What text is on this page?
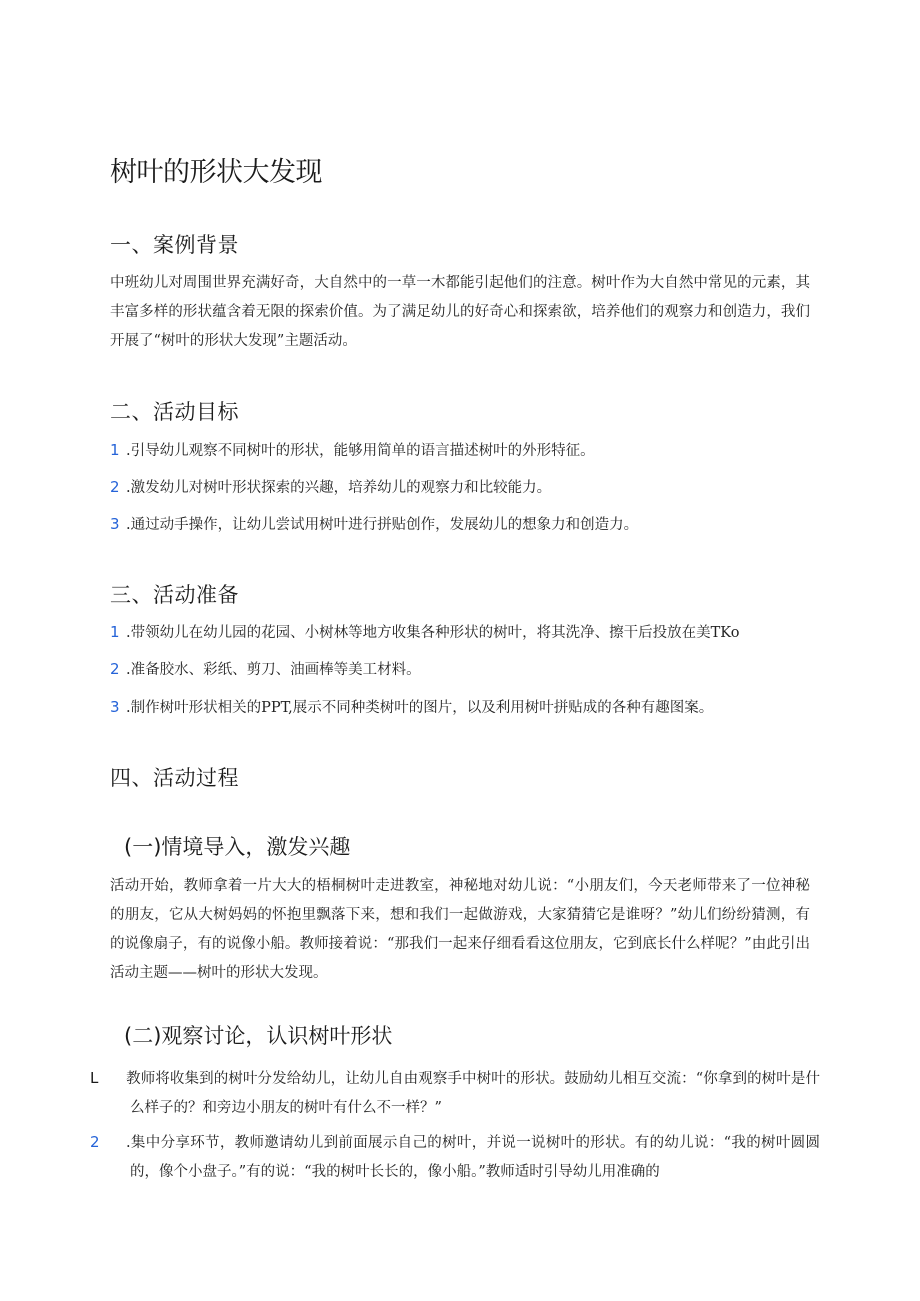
树叶的形状大发现
一、案例背景

中班幼儿对周围世界充满好奇，大自然中的一草一木都能引起他们的注意。树叶作为大自然中常见的元素，其丰富多样的形状蕴含着无限的探索价值。为了满足幼儿的好奇心和探索欲，培养他们的观察力和创造力，我们开展了“树叶的形状大发现”主题活动。

二、活动目标
1 .引导幼儿观察不同树叶的形状，能够用简单的语言描述树叶的外形特征。
2 .激发幼儿对树叶形状探索的兴趣，培养幼儿的观察力和比较能力。
3 .通过动手操作，让幼儿尝试用树叶进行拼贴创作，发展幼儿的想象力和创造力。
三、活动准备
1 .带领幼儿在幼儿园的花园、小树林等地方收集各种形状的树叶，将其洗净、擦干后投放在美TKo
2 .准备胶水、彩纸、剪刀、油画棒等美工材料。
3 .制作树叶形状相关的PPT,展示不同种类树叶的图片，以及利用树叶拼贴成的各种有趣图案。
四、活动过程
(一)情境导入，激发兴趣

活动开始，教师拿着一片大大的梧桐树叶走进教室，神秘地对幼儿说：“小朋友们，今天老师带来了一位神秘的朋友，它从大树妈妈的怀抱里飘落下来，想和我们一起做游戏，大家猜猜它是谁呀？”幼儿们纷纷猜测，有的说像扇子，有的说像小船。教师接着说：“那我们一起来仔细看看这位朋友，它到底长什么样呢？”由此引出活动主题——树叶的形状大发现。

(二)观察讨论，认识树叶形状
L 教师将收集到的树叶分发给幼儿，让幼儿自由观察手中树叶的形状。鼓励幼儿相互交流：“你拿到的树叶是什么样子的？和旁边小朋友的树叶有什么不一样？”
2 .集中分享环节，教师邀请幼儿到前面展示自己的树叶，并说一说树叶的形状。有的幼儿说：“我的树叶圆圆的，像个小盘子。”有的说：“我的树叶长长的，像小船。”教师适时引导幼儿用准确的
